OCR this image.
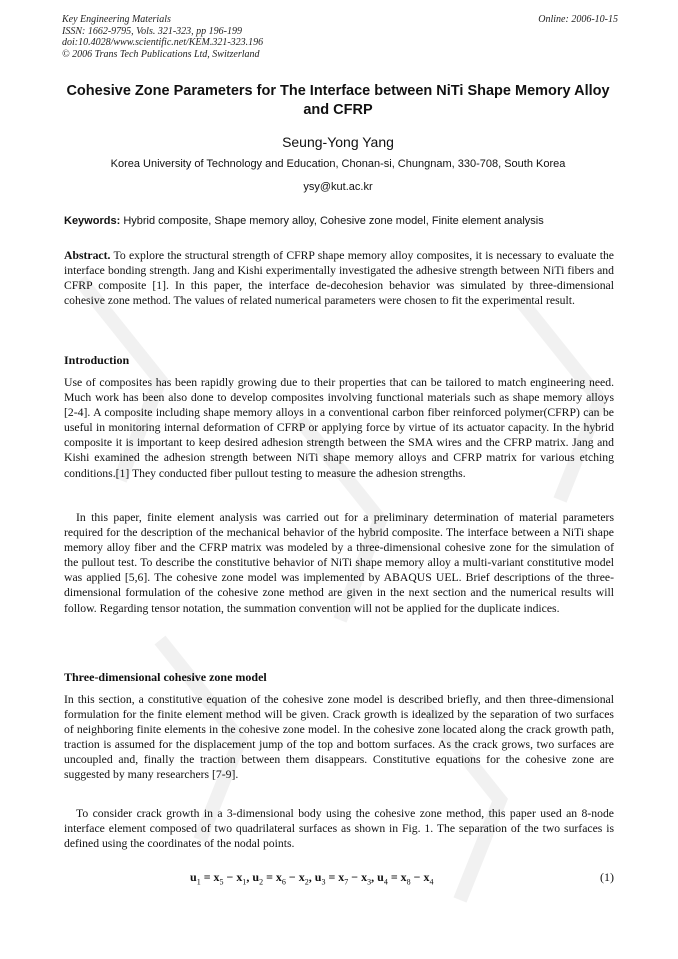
Key Engineering Materials
ISSN: 1662-9795, Vols. 321-323, pp 196-199
doi:10.4028/www.scientific.net/KEM.321-323.196
© 2006 Trans Tech Publications Ltd, Switzerland
Online: 2006-10-15
Cohesive Zone Parameters for The Interface between NiTi Shape Memory Alloy and CFRP
Seung-Yong Yang
Korea University of Technology and Education, Chonan-si, Chungnam, 330-708, South Korea
ysy@kut.ac.kr
Keywords: Hybrid composite, Shape memory alloy, Cohesive zone model, Finite element analysis

Abstract. To explore the structural strength of CFRP shape memory alloy composites, it is necessary to evaluate the interface bonding strength. Jang and Kishi experimentally investigated the adhesive strength between NiTi fibers and CFRP composite [1]. In this paper, the interface de-decohesion behavior was simulated by three-dimensional cohesive zone method. The values of related numerical parameters were chosen to fit the experimental result.

Introduction

Use of composites has been rapidly growing due to their properties that can be tailored to match engineering need. Much work has been also done to develop composites involving functional materials such as shape memory alloys [2-4]. A composite including shape memory alloys in a conventional carbon fiber reinforced polymer(CFRP) can be useful in monitoring internal deformation of CFRP or applying force by virtue of its actuator capacity. In the hybrid composite it is important to keep desired adhesion strength between the SMA wires and the CFRP matrix. Jang and Kishi examined the adhesion strength between NiTi shape memory alloys and CFRP matrix for various etching conditions.[1] They conducted fiber pullout testing to measure the adhesion strengths.

In this paper, finite element analysis was carried out for a preliminary determination of material parameters required for the description of the mechanical behavior of the hybrid composite. The interface between a NiTi shape memory alloy fiber and the CFRP matrix was modeled by a three-dimensional cohesive zone for the simulation of the pullout test. To describe the constitutive behavior of NiTi shape memory alloy a multi-variant constitutive model was applied [5,6]. The cohesive zone model was implemented by ABAQUS UEL. Brief descriptions of the three-dimensional formulation of the cohesive zone method are given in the next section and the numerical results will follow. Regarding tensor notation, the summation convention will not be applied for the duplicate indices.

Three-dimensional cohesive zone model

In this section, a constitutive equation of the cohesive zone model is described briefly, and then three-dimensional formulation for the finite element method will be given. Crack growth is idealized by the separation of two surfaces of neighboring finite elements in the cohesive zone model. In the cohesive zone located along the crack growth path, traction is assumed for the displacement jump of the top and bottom surfaces. As the crack grows, two surfaces are uncoupled and, finally the traction between them disappears. Constitutive equations for the cohesive zone are suggested by many researchers [7-9].

To consider crack growth in a 3-dimensional body using the cohesive zone method, this paper used an 8-node interface element composed of two quadrilateral surfaces as shown in Fig. 1. The separation of the two surfaces is defined using the coordinates of the nodal points.

$u_1 = x_5 - x_1$, $u_2 = x_6 - x_2$, $u_3 = x_7 - x_3$, $u_4 = x_8 - x_4$	(1)
